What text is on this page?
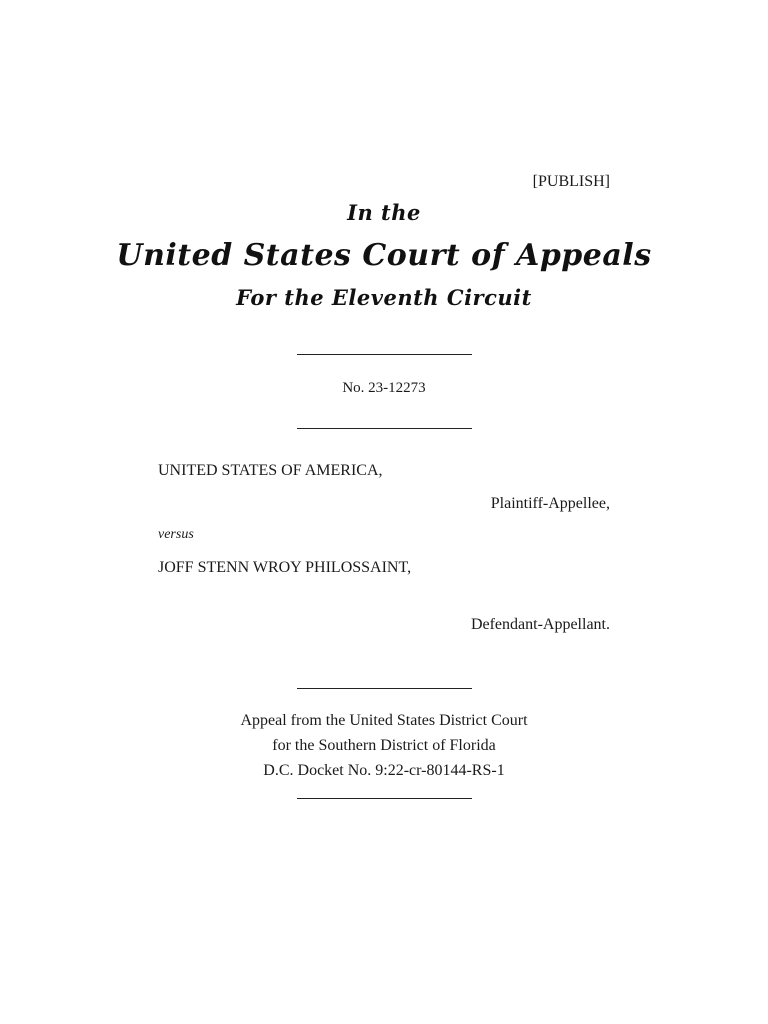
[PUBLISH]
In the
United States Court of Appeals
For the Eleventh Circuit
No. 23-12273
UNITED STATES OF AMERICA,
Plaintiff-Appellee,
versus
JOFF STENN WROY PHILOSSAINT,
Defendant-Appellant.
Appeal from the United States District Court
for the Southern District of Florida
D.C. Docket No. 9:22-cr-80144-RS-1
